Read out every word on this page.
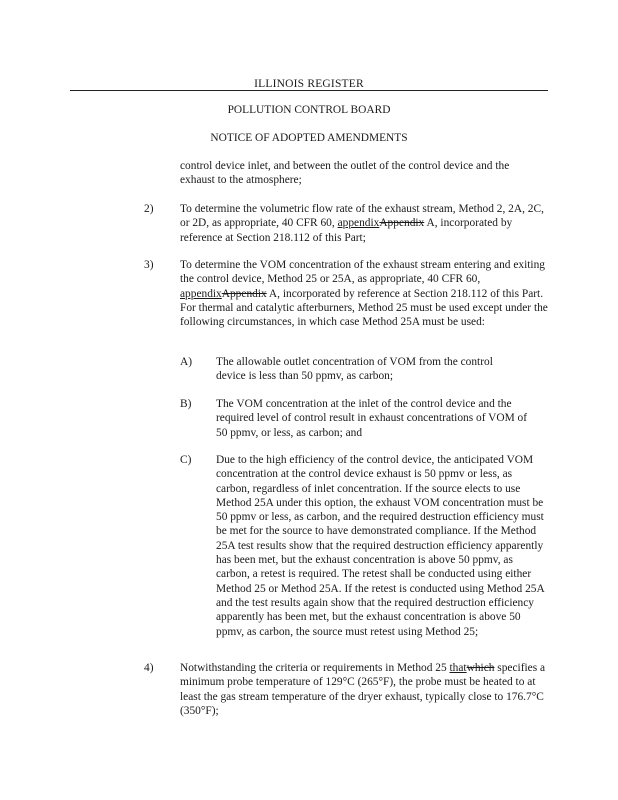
ILLINOIS REGISTER
POLLUTION CONTROL BOARD
NOTICE OF ADOPTED AMENDMENTS
control device inlet, and between the outlet of the control device and the exhaust to the atmosphere;
2) To determine the volumetric flow rate of the exhaust stream, Method 2, 2A, 2C, or 2D, as appropriate, 40 CFR 60, appendixAppendix A, incorporated by reference at Section 218.112 of this Part;
3) To determine the VOM concentration of the exhaust stream entering and exiting the control device, Method 25 or 25A, as appropriate, 40 CFR 60, appendixAppendix A, incorporated by reference at Section 218.112 of this Part. For thermal and catalytic afterburners, Method 25 must be used except under the following circumstances, in which case Method 25A must be used:
A) The allowable outlet concentration of VOM from the control device is less than 50 ppmv, as carbon;
B) The VOM concentration at the inlet of the control device and the required level of control result in exhaust concentrations of VOM of 50 ppmv, or less, as carbon; and
C) Due to the high efficiency of the control device, the anticipated VOM concentration at the control device exhaust is 50 ppmv or less, as carbon, regardless of inlet concentration. If the source elects to use Method 25A under this option, the exhaust VOM concentration must be 50 ppmv or less, as carbon, and the required destruction efficiency must be met for the source to have demonstrated compliance. If the Method 25A test results show that the required destruction efficiency apparently has been met, but the exhaust concentration is above 50 ppmv, as carbon, a retest is required. The retest shall be conducted using either Method 25 or Method 25A. If the retest is conducted using Method 25A and the test results again show that the required destruction efficiency apparently has been met, but the exhaust concentration is above 50 ppmv, as carbon, the source must retest using Method 25;
4) Notwithstanding the criteria or requirements in Method 25 thatwhich specifies a minimum probe temperature of 129°C (265°F), the probe must be heated to at least the gas stream temperature of the dryer exhaust, typically close to 176.7°C (350°F);
